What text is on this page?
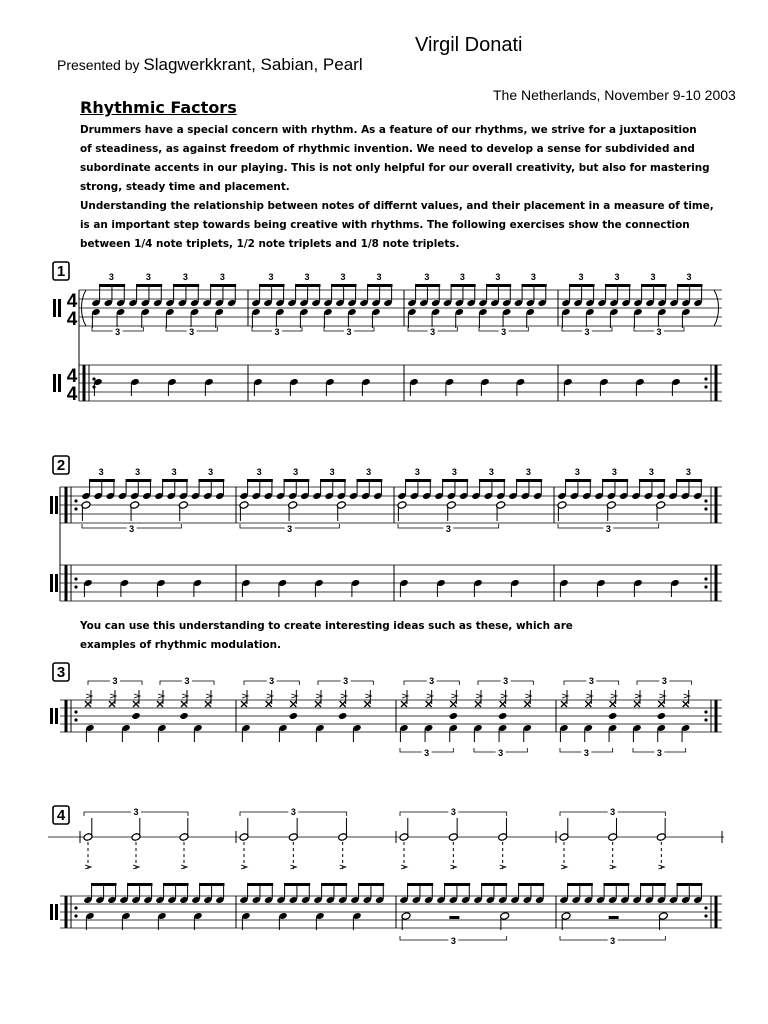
Presented by Slagwerkkrant, Sabian, Pearl
Virgil Donati
The Netherlands, November 9-10 2003
Rhythmic Factors
Drummers have a special concern with rhythm. As a feature of our rhythms, we strive for a juxtaposition
of steadiness, as against freedom of rhythmic invention. We need to develop a sense for subdivided and
subordinate accents in our playing. This is not only helpful for our overall creativity, but also for mastering
strong, steady time and placement.
Understanding the relationship between notes of differnt values, and their placement in a measure of time,
is an important step towards being creative with rhythms. The following exercises show the connection
between 1/4 note triplets, 1/2 note triplets and 1/8 note triplets.
You can use this understanding to create interesting ideas such as these, which are
examples of rhythmic modulation.
1
4
4
4
4
3	3	3	3
3	3
3	3	3	3
3	3
3	3	3	3
3	3
3	3	3	3
3	3
2	3	3	3	3
3
3	3	3	3
3
3	3	3	3
3
3	3	3	3
3
3	3	3	3	3	3	3
3	3
3	3
3	3
4	3	3	3
3
3
3
